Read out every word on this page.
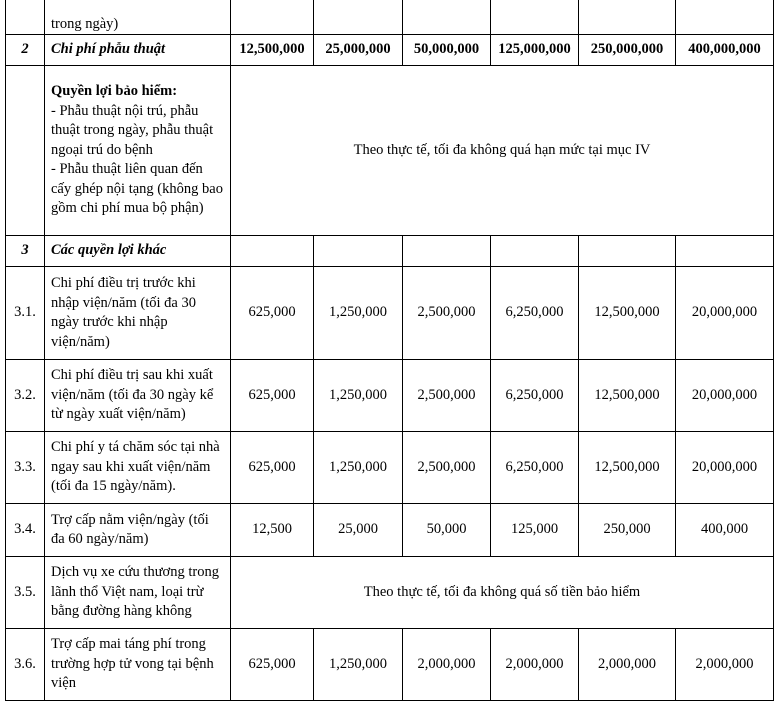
	trong ngày)						
2	Chi phí phẫu thuật	12,500,000	25,000,000	50,000,000	125,000,000	250,000,000	400,000,000

	Quyền lợi bảo hiểm:
- Phẫu thuật nội trú, phẫu thuật trong ngày, phẫu thuật ngoại trú do bệnh
- Phẫu thuật liên quan đến cấy ghép nội tạng (không bao gồm chi phí mua bộ phận)	Theo thực tế, tối đa không quá hạn mức tại mục IV					
3	Các quyền lợi khác						
3.1.	Chi phí điều trị trước khi nhập viện/năm (tối đa 30 ngày trước khi nhập viện/năm)	625,000	1,250,000	2,500,000	6,250,000	12,500,000	20,000,000
3.2.	Chi phí điều trị sau khi xuất viện/năm (tối đa 30 ngày kể từ ngày xuất viện/năm)	625,000	1,250,000	2,500,000	6,250,000	12,500,000	20,000,000
3.3.	Chi phí y tá chăm sóc tại nhà ngay sau khi xuất viện/năm (tối đa 15 ngày/năm).	625,000	1,250,000	2,500,000	6,250,000	12,500,000	20,000,000
3.4.	Trợ cấp nằm viện/ngày (tối đa 60 ngày/năm)	12,500	25,000	50,000	125,000	250,000	400,000
3.5.	Dịch vụ xe cứu thương trong lãnh thổ Việt nam, loại trừ bằng đường hàng không	Theo thực tế, tối đa không quá số tiền bảo hiểm					
3.6.	Trợ cấp mai táng phí trong trường hợp tử vong tại bệnh viện	625,000	1,250,000	2,000,000	2,000,000	2,000,000	2,000,000
